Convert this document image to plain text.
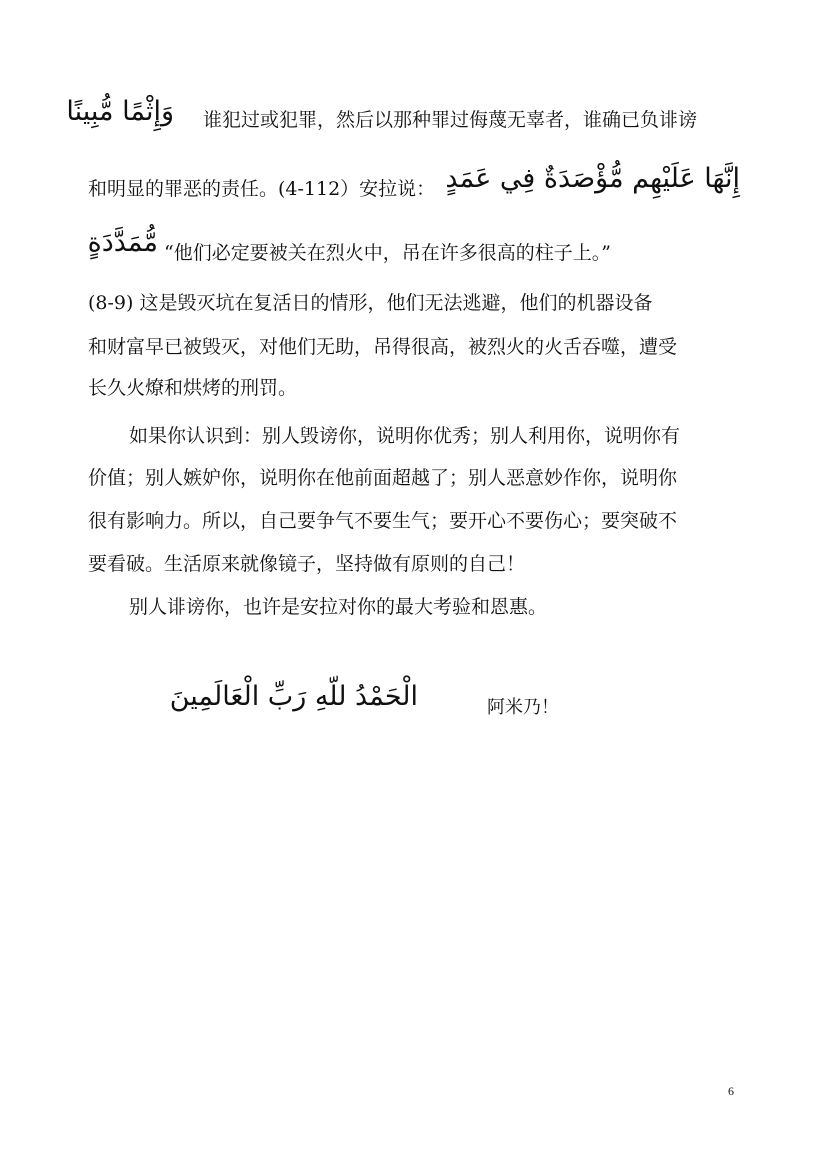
وَإِثْمًا مُّبِينًا 谁犯过或犯罪，然后以那种罪过侮蔑无辜者，谁确已负诽谤
和明显的罪恶的责任。(4-112）安拉说： إِنَّهَا عَلَيْهِم مُّؤْصَدَةٌ فِي عَمَدٍ
مُّمَدَّدَةٍ “他们必定要被关在烈火中，吊在许多很高的柱子上。”
(8-9) 这是毁灭坑在复活日的情形，他们无法逃避，他们的机器设备
和财富早已被毁灭，对他们无助，吊得很高，被烈火的火舌吞噬，遭受
长久火燎和烘烤的刑罚。
如果你认识到：别人毁谤你，说明你优秀；别人利用你，说明你有
价值；别人嫉妒你，说明你在他前面超越了；别人恶意妙作你，说明你
很有影响力。所以，自己要争气不要生气；要开心不要伤心；要突破不
要看破。生活原来就像镜子，坚持做有原则的自己！
别人诽谤你，也许是安拉对你的最大考验和恩惠。
الْحَمْدُ للّهِ رَبِّ الْعَالَمِينَ	阿米乃！
6
